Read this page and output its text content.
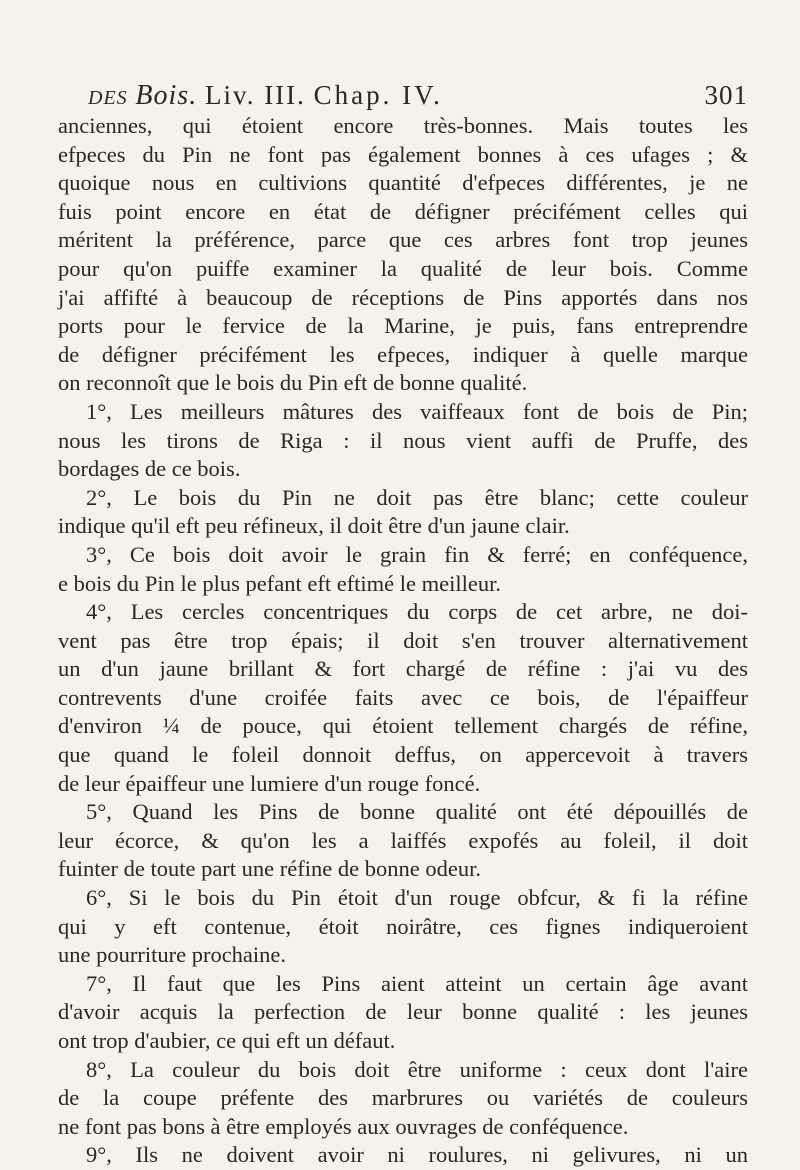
DES Bois. Liv. III. Chap. IV.	301
anciennes, qui étoient encore très-bonnes. Mais toutes les
efpeces du Pin ne font pas également bonnes à ces ufages ; &
quoique nous en cultivions quantité d'efpeces différentes, je ne
fuis point encore en état de défigner précifément celles qui
méritent la préférence, parce que ces arbres font trop jeunes
pour qu'on puiffe examiner la qualité de leur bois. Comme
j'ai affifté à beaucoup de réceptions de Pins apportés dans nos
ports pour le fervice de la Marine, je puis, fans entreprendre
de défigner précifément les efpeces, indiquer à quelle marque
on reconnoît que le bois du Pin eft de bonne qualité.
1°, Les meilleurs mâtures des vaiffeaux font de bois de Pin;
nous les tirons de Riga : il nous vient auffi de Pruffe, des
bordages de ce bois.
2°, Le bois du Pin ne doit pas être blanc; cette couleur
indique qu'il eft peu réfineux, il doit être d'un jaune clair.
3°, Ce bois doit avoir le grain fin & ferré; en conféquence,
e bois du Pin le plus pefant eft eftimé le meilleur.
4°, Les cercles concentriques du corps de cet arbre, ne doi-
vent pas être trop épais; il doit s'en trouver alternativement
un d'un jaune brillant & fort chargé de réfine : j'ai vu des
contrevents d'une croifée faits avec ce bois, de l'épaiffeur
d'environ ¼ de pouce, qui étoient tellement chargés de réfine,
que quand le foleil donnoit deffus, on appercevoit à travers
de leur épaiffeur une lumiere d'un rouge foncé.
5°, Quand les Pins de bonne qualité ont été dépouillés de
leur écorce, & qu'on les a laiffés expofés au foleil, il doit
fuinter de toute part une réfine de bonne odeur.
6°, Si le bois du Pin étoit d'un rouge obfcur, & fi la réfine
qui y eft contenue, étoit noirâtre, ces fignes indiqueroient
une pourriture prochaine.
7°, Il faut que les Pins aient atteint un certain âge avant
d'avoir acquis la perfection de leur bonne qualité : les jeunes
ont trop d'aubier, ce qui eft un défaut.
8°, La couleur du bois doit être uniforme : ceux dont l'aire
de la coupe préfente des marbrures ou variétés de couleurs
ne font pas bons à être employés aux ouvrages de conféquence.
9°, Ils ne doivent avoir ni roulures, ni gelivures, ni un
